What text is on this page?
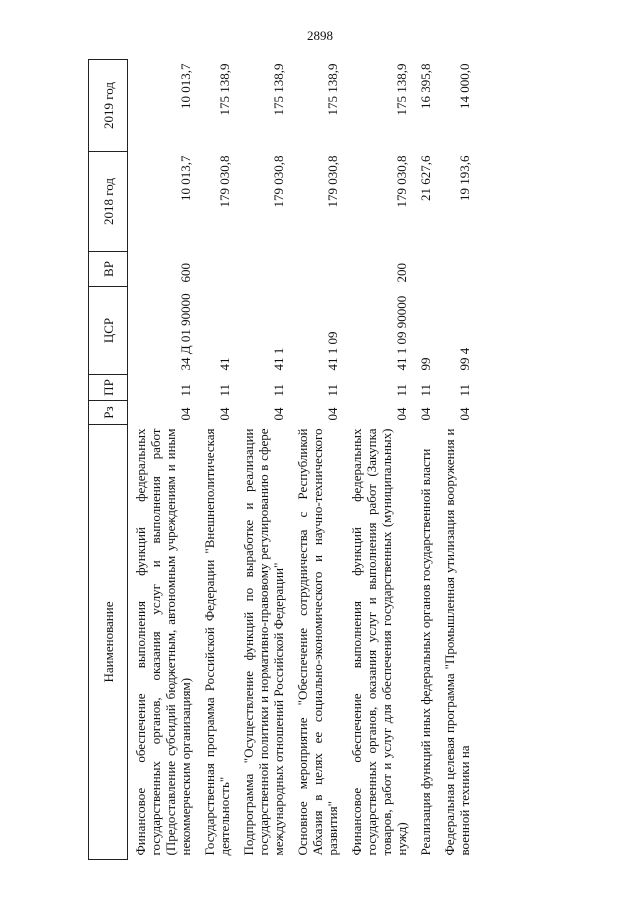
2898
Наименование	Рз	ПР	ЦСР	ВР	2018 год	2019 год
Финансовое обеспечение выполнения функций федеральных государственных органов, оказания услуг и выполнения работ (Предоставление субсидий бюджетным, автономным учреждениям и иным некоммерческим организациям)	04	11	34 Д 01 90000	600	10 013,7	10 013,7
Государственная программа Российской Федерации "Внешнеполитическая деятельность"	04	11	41		179 030,8	175 138,9
Подпрограмма "Осуществление функций по выработке и реализации государственной политики и нормативно-правовому регулированию в сфере международных отношений Российской Федерации"	04	11	41 1		179 030,8	175 138,9
Основное мероприятие "Обеспечение сотрудничества с Республикой Абхазия в целях ее социально-экономического и научно-технического развития"	04	11	41 1 09		179 030,8	175 138,9
Финансовое обеспечение выполнения функций федеральных государственных органов, оказания услуг и выполнения работ (Закупка товаров, работ и услуг для обеспечения государственных (муниципальных) нужд)	04	11	41 1 09 90000	200	179 030,8	175 138,9
Реализация функций иных федеральных органов государственной власти	04	11	99		21 627,6	16 395,8
Федеральная целевая программа "Промышленная утилизация вооружения и военной техники на	04	11	99 4		19 193,6	14 000,0
